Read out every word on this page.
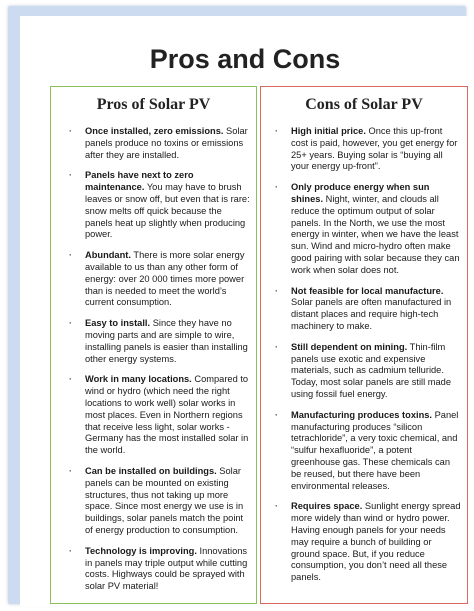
Pros and Cons
Pros of Solar PV
· Once installed, zero emissions. Solar panels produce no toxins or emissions after they are installed.
· Panels have next to zero maintenance. You may have to brush leaves or snow off, but even that is rare: snow melts off quick because the panels heat up slightly when producing power.
· Abundant. There is more solar energy available to us than any other form of energy: over 20 000 times more power than is needed to meet the world’s current consumption.
· Easy to install. Since they have no moving parts and are simple to wire, installing panels is easier than installing other energy systems.
· Work in many locations. Compared to wind or hydro (which need the right locations to work well) solar works in most places. Even in Northern regions that receive less light, solar works - Germany has the most installed solar in the world.
· Can be installed on buildings. Solar panels can be mounted on existing structures, thus not taking up more space. Since most energy we use is in buildings, solar panels match the point of energy production to consumption.
· Technology is improving. Innovations in panels may triple output while cutting costs. Highways could be sprayed with solar PV material!
Cons of Solar PV
· High initial price. Once this up-front cost is paid, however, you get energy for 25+ years. Buying solar is “buying all your energy up-front”.
· Only produce energy when sun shines. Night, winter, and clouds all reduce the optimum output of solar panels. In the North, we use the most energy in winter, when we have the least sun. Wind and micro-hydro often make good pairing with solar because they can work when solar does not.
· Not feasible for local manufacture. Solar panels are often manufactured in distant places and require high-tech machinery to make.
· Still dependent on mining. Thin-film panels use exotic and expensive materials, such as cadmium telluride. Today, most solar panels are still made using fossil fuel energy.
· Manufacturing produces toxins. Panel manufacturing produces “silicon tetrachloride”, a very toxic chemical, and “sulfur hexafluoride”, a potent greenhouse gas. These chemicals can be reused, but there have been environmental releases.
· Requires space. Sunlight energy spread more widely than wind or hydro power. Having enough panels for your needs may require a bunch of building or ground space. But, if you reduce consumption, you don’t need all these panels.
